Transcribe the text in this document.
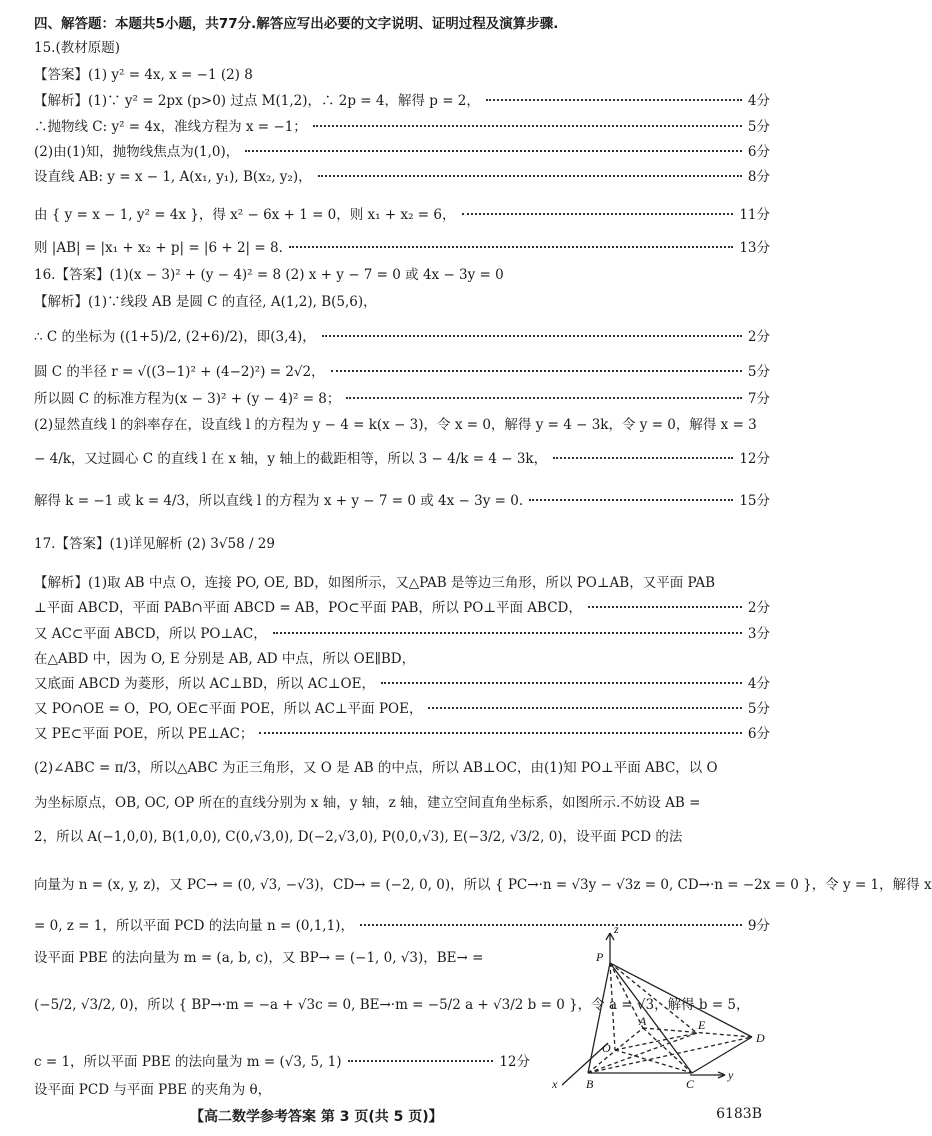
四、解答题：本题共5小题，共77分.解答应写出必要的文字说明、证明过程及演算步骤.
15.(教材原题)
【答案】(1) y² = 4x, x = −1 (2) 8
【解析】(1)∵ y² = 2px (p>0) 过点 M(1,2)，∴ 2p = 4，解得 p = 2，	4分
∴抛物线 C: y² = 4x，准线方程为 x = −1；	5分
(2)由(1)知，抛物线焦点为(1,0)，	6分
设直线 AB: y = x − 1, A(x₁, y₁), B(x₂, y₂)，	8分
由 { y = x − 1, y² = 4x }，得 x² − 6x + 1 = 0，则 x₁ + x₂ = 6，	11分
则 |AB| = |x₁ + x₂ + p| = |6 + 2| = 8.	13分
16.【答案】(1)(x − 3)² + (y − 4)² = 8 (2) x + y − 7 = 0 或 4x − 3y = 0
【解析】(1)∵线段 AB 是圆 C 的直径, A(1,2), B(5,6)，
∴ C 的坐标为 ((1+5)/2, (2+6)/2)，即(3,4)，	2分
圆 C 的半径 r = √((3−1)² + (4−2)²) = 2√2，	5分
所以圆 C 的标准方程为(x − 3)² + (y − 4)² = 8；	7分
(2)显然直线 l 的斜率存在，设直线 l 的方程为 y − 4 = k(x − 3)，令 x = 0，解得 y = 4 − 3k，令 y = 0，解得 x = 3
− 4/k，又过圆心 C 的直线 l 在 x 轴，y 轴上的截距相等，所以 3 − 4/k = 4 − 3k，	12分
解得 k = −1 或 k = 4/3，所以直线 l 的方程为 x + y − 7 = 0 或 4x − 3y = 0.	15分
17.【答案】(1)详见解析 (2) 3√58 / 29
【解析】(1)取 AB 中点 O，连接 PO, OE, BD，如图所示，又△PAB 是等边三角形，所以 PO⊥AB，又平面 PAB
⊥平面 ABCD，平面 PAB∩平面 ABCD = AB，PO⊂平面 PAB，所以 PO⊥平面 ABCD，	2分
又 AC⊂平面 ABCD，所以 PO⊥AC，	3分
在△ABD 中，因为 O, E 分别是 AB, AD 中点，所以 OE∥BD，
又底面 ABCD 为菱形，所以 AC⊥BD，所以 AC⊥OE，	4分
又 PO∩OE = O，PO, OE⊂平面 POE，所以 AC⊥平面 POE，	5分
又 PE⊂平面 POE，所以 PE⊥AC；	6分
(2)∠ABC = π/3，所以△ABC 为正三角形，又 O 是 AB 的中点，所以 AB⊥OC，由(1)知 PO⊥平面 ABC，以 O
为坐标原点，OB, OC, OP 所在的直线分别为 x 轴，y 轴，z 轴，建立空间直角坐标系，如图所示.不妨设 AB =
2，所以 A(−1,0,0), B(1,0,0), C(0,√3,0), D(−2,√3,0), P(0,0,√3), E(−3/2, √3/2, 0)，设平面 PCD 的法
向量为 n = (x, y, z)，又 PC→ = (0, √3, −√3)，CD→ = (−2, 0, 0)，所以 { PC→·n = √3y − √3z = 0, CD→·n = −2x = 0 }，令 y = 1，解得 x
= 0, z = 1，所以平面 PCD 的法向量 n = (0,1,1)，	9分
设平面 PBE 的法向量为 m = (a, b, c)，又 BP→ = (−1, 0, √3)，BE→ =
(−5/2, √3/2, 0)，所以 { BP→·m = −a + √3c = 0, BE→·m = −5/2 a + √3/2 b = 0 }，令 a = √3，解得 b = 5，
c = 1，所以平面 PBE 的法向量为 m = (√3, 5, 1)	12分
设平面 PCD 与平面 PBE 的夹角为 θ，
z
P
A	E
D
O
B	C
x
y
【高二数学参考答案 第 3 页(共 5 页)】	6183B
